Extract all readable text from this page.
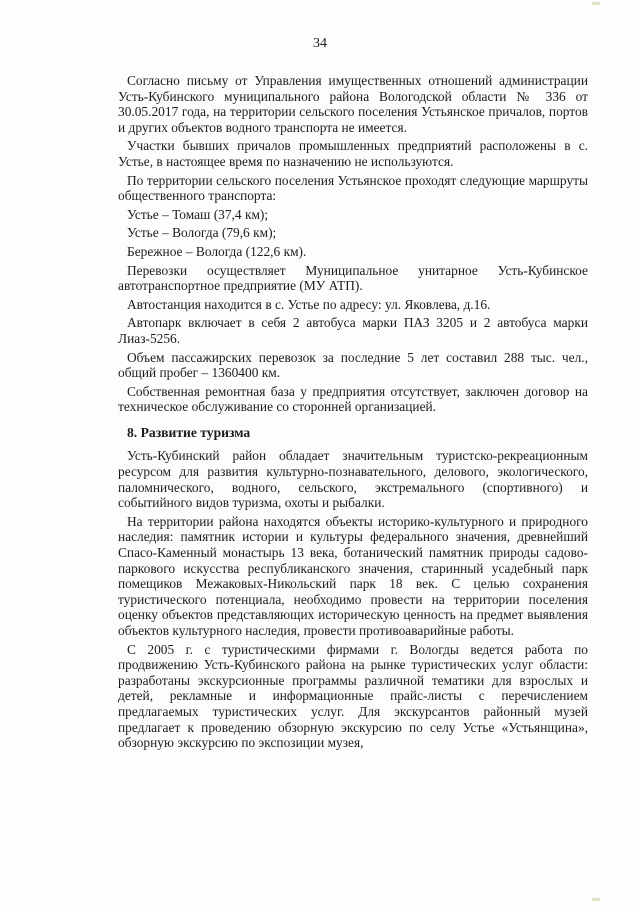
34

Согласно письму от Управления имущественных отношений администрации Усть-Кубинского муниципального района Вологодской области № 336 от 30.05.2017 года, на территории сельского поселения Устьянское причалов, портов и других объектов водного транспорта не имеется.

Участки бывших причалов промышленных предприятий расположены в с. Устье, в настоящее время по назначению не используются.

По территории сельского поселения Устьянское проходят следующие маршруты общественного транспорта:

Устье – Томаш (37,4 км);

Устье – Вологда (79,6 км);

Бережное – Вологда (122,6 км).

Перевозки осуществляет Муниципальное унитарное Усть-Кубинское автотранспортное предприятие (МУ АТП).

Автостанция находится в с. Устье по адресу: ул. Яковлева, д.16.

Автопарк включает в себя 2 автобуса марки ПАЗ 3205 и 2 автобуса марки Лиаз-5256.

Объем пассажирских перевозок за последние 5 лет составил 288 тыс. чел., общий пробег – 1360400 км.

Собственная ремонтная база у предприятия отсутствует, заключен договор на техническое обслуживание со сторонней организацией.

8. Развитие туризма

Усть-Кубинский район обладает значительным туристско-рекреационным ресурсом для развития культурно-познавательного, делового, экологического, паломнического, водного, сельского, экстремального (спортивного) и событийного видов туризма, охоты и рыбалки.

На территории района находятся объекты историко-культурного и природного наследия: памятник истории и культуры федерального значения, древнейший Спасо-Каменный монастырь 13 века, ботанический памятник природы садово-паркового искусства республиканского значения, старинный усадебный парк помещиков Межаковых-Никольский парк 18 век. С целью сохранения туристического потенциала, необходимо провести на территории поселения оценку объектов представляющих историческую ценность на предмет выявления объектов культурного наследия, провести противоаварийные работы.

С 2005 г. с туристическими фирмами г. Вологды ведется работа по продвижению Усть-Кубинского района на рынке туристических услуг области: разработаны экскурсионные программы различной тематики для взрослых и детей, рекламные и информационные прайс-листы с перечислением предлагаемых туристических услуг. Для экскурсантов районный музей предлагает к проведению обзорную экскурсию по селу Устье «Устьянщина», обзорную экскурсию по экспозиции музея,
